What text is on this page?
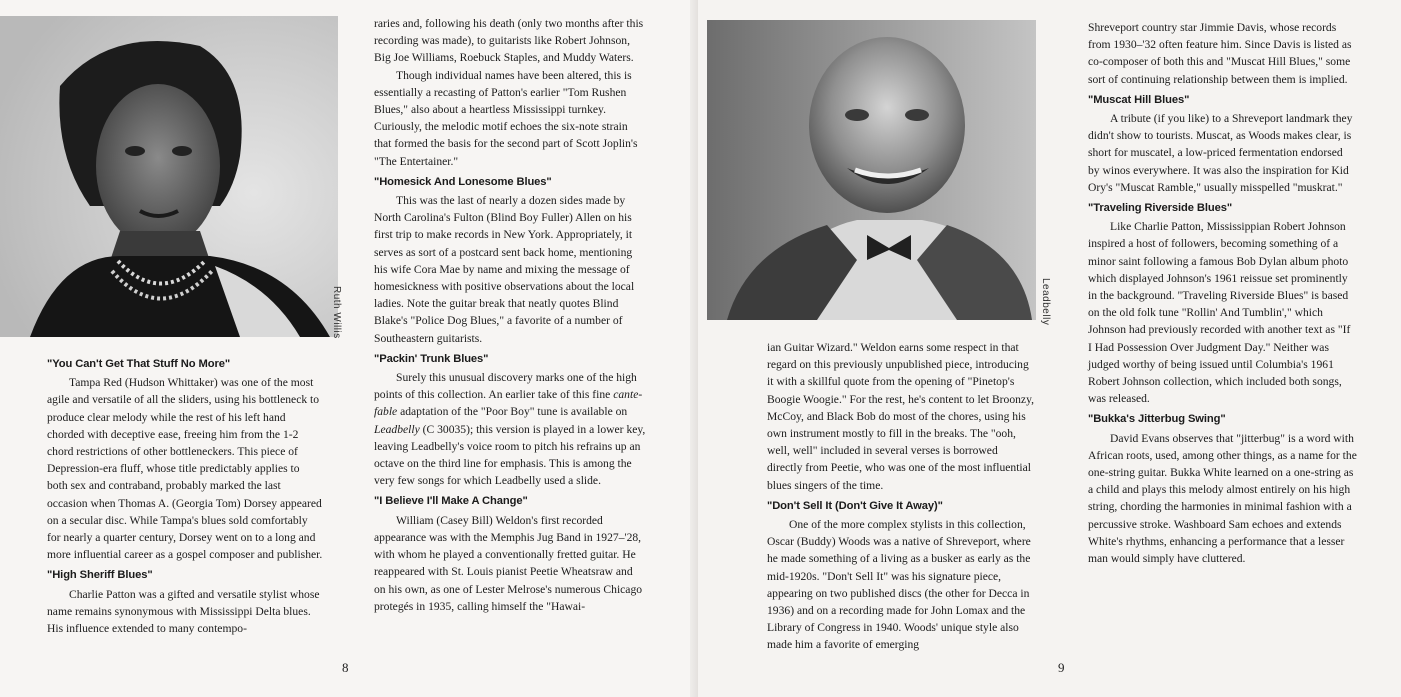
Ruth Willis
"You Can't Get That Stuff No More"

Tampa Red (Hudson Whittaker) was one of the most agile and versatile of all the sliders, using his bottleneck to produce clear melody while the rest of his left hand chorded with deceptive ease, freeing him from the 1-2 chord restrictions of other bottleneckers. This piece of Depression-era fluff, whose title predictably applies to both sex and contraband, probably marked the last occasion when Thomas A. (Georgia Tom) Dorsey appeared on a secular disc. While Tampa's blues sold comfortably for nearly a quarter century, Dorsey went on to a long and more influential career as a gospel composer and publisher.

"High Sheriff Blues"

Charlie Patton was a gifted and versatile stylist whose name remains synonymous with Mississippi Delta blues. His influence extended to many contempo-

raries and, following his death (only two months after this recording was made), to guitarists like Robert Johnson, Big Joe Williams, Roebuck Staples, and Muddy Waters.

Though individual names have been altered, this is essentially a recasting of Patton's earlier "Tom Rushen Blues," also about a heartless Mississippi turnkey. Curiously, the melodic motif echoes the six-note strain that formed the basis for the second part of Scott Joplin's "The Entertainer."

"Homesick And Lonesome Blues"

This was the last of nearly a dozen sides made by North Carolina's Fulton (Blind Boy Fuller) Allen on his first trip to make records in New York. Appropriately, it serves as sort of a postcard sent back home, mentioning his wife Cora Mae by name and mixing the message of homesickness with positive observations about the local ladies. Note the guitar break that neatly quotes Blind Blake's "Police Dog Blues," a favorite of a number of Southeastern guitarists.

"Packin' Trunk Blues"

Surely this unusual discovery marks one of the high points of this collection. An earlier take of this fine cante-fable adaptation of the "Poor Boy" tune is available on Leadbelly (C 30035); this version is played in a lower key, leaving Leadbelly's voice room to pitch his refrains up an octave on the third line for emphasis. This is among the very few songs for which Leadbelly used a slide.

"I Believe I'll Make A Change"

William (Casey Bill) Weldon's first recorded appearance was with the Memphis Jug Band in 1927–'28, with whom he played a conventionally fretted guitar. He reappeared with St. Louis pianist Peetie Wheatsraw and on his own, as one of Lester Melrose's numerous Chicago protegés in 1935, calling himself the "Hawai-

8
Leadbelly

ian Guitar Wizard." Weldon earns some respect in that regard on this previously unpublished piece, introducing it with a skillful quote from the opening of "Pinetop's Boogie Woogie." For the rest, he's content to let Broonzy, McCoy, and Black Bob do most of the chores, using his own instrument mostly to fill in the breaks. The "ooh, well, well" included in several verses is borrowed directly from Peetie, who was one of the most influential blues singers of the time.

"Don't Sell It (Don't Give It Away)"

One of the more complex stylists in this collection, Oscar (Buddy) Woods was a native of Shreveport, where he made something of a living as a busker as early as the mid-1920s. "Don't Sell It" was his signature piece, appearing on two published discs (the other for Decca in 1936) and on a recording made for John Lomax and the Library of Congress in 1940. Woods' unique style also made him a favorite of emerging

Shreveport country star Jimmie Davis, whose records from 1930–'32 often feature him. Since Davis is listed as co-composer of both this and "Muscat Hill Blues," some sort of continuing relationship between them is implied.

"Muscat Hill Blues"

A tribute (if you like) to a Shreveport landmark they didn't show to tourists. Muscat, as Woods makes clear, is short for muscatel, a low-priced fermentation endorsed by winos everywhere. It was also the inspiration for Kid Ory's "Muscat Ramble," usually misspelled "muskrat."

"Traveling Riverside Blues"

Like Charlie Patton, Mississippian Robert Johnson inspired a host of followers, becoming something of a minor saint following a famous Bob Dylan album photo which displayed Johnson's 1961 reissue set prominently in the background. "Traveling Riverside Blues" is based on the old folk tune "Rollin' And Tumblin'," which Johnson had previously recorded with another text as "If I Had Possession Over Judgment Day." Neither was judged worthy of being issued until Columbia's 1961 Robert Johnson collection, which included both songs, was released.

"Bukka's Jitterbug Swing"

David Evans observes that "jitterbug" is a word with African roots, used, among other things, as a name for the one-string guitar. Bukka White learned on a one-string as a child and plays this melody almost entirely on his high string, chording the harmonies in minimal fashion with a percussive stroke. Washboard Sam echoes and extends White's rhythms, enhancing a performance that a lesser man would simply have cluttered.

9
